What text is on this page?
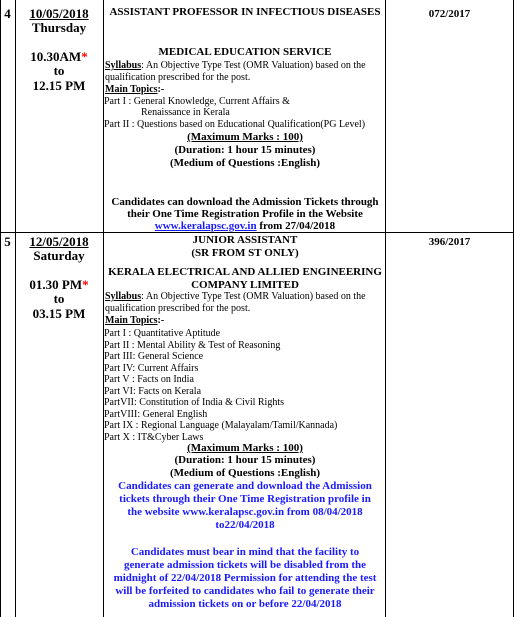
4	10/05/2018
Thursday
10.30AM*
to
12.15 PM
ASSISTANT PROFESSOR IN INFECTIOUS DISEASES
MEDICAL EDUCATION SERVICE
Syllabus: An Objective Type Test (OMR Valuation) based on the qualification prescribed for the post.
Main Topics:-
Part I : General Knowledge, Current Affairs &
Renaissance in Kerala
Part II : Questions based on Educational Qualification(PG Level)
(Maximum Marks : 100)
(Duration: 1 hour 15 minutes)
(Medium of Questions :English)
Candidates can download the Admission Tickets through
their One Time Registration Profile in the Website
www.keralapsc.gov.in from 27/04/2018
072/2017
5	12/05/2018
Saturday
01.30 PM*
to
03.15 PM
JUNIOR ASSISTANT
(SR FROM ST ONLY)
KERALA ELECTRICAL AND ALLIED ENGINEERING COMPANY LIMITED
Syllabus: An Objective Type Test (OMR Valuation) based on the qualification prescribed for the post.
Main Topics:-
Part I : Quantitative Aptitude
Part II : Mental Ability & Test of Reasoning
Part III: General Science
Part IV: Current Affairs
Part V : Facts on India
Part VI: Facts on Kerala
PartVII: Constitution of India & Civil Rights
PartVIII: General English
Part IX : Regional Language (Malayalam/Tamil/Kannada)
Part X : IT&Cyber Laws
(Maximum Marks : 100)
(Duration: 1 hour 15 minutes)
(Medium of Questions :English)
Candidates can generate and download the Admission
tickets through their One Time Registration profile in
the website www.keralapsc.gov.in from 08/04/2018
to22/04/2018
Candidates must bear in mind that the facility to
generate admission tickets will be disabled from the
midnight of 22/04/2018 Permission for attending the test
will be forfeited to candidates who fail to generate their
admission tickets on or before 22/04/2018
396/2017
